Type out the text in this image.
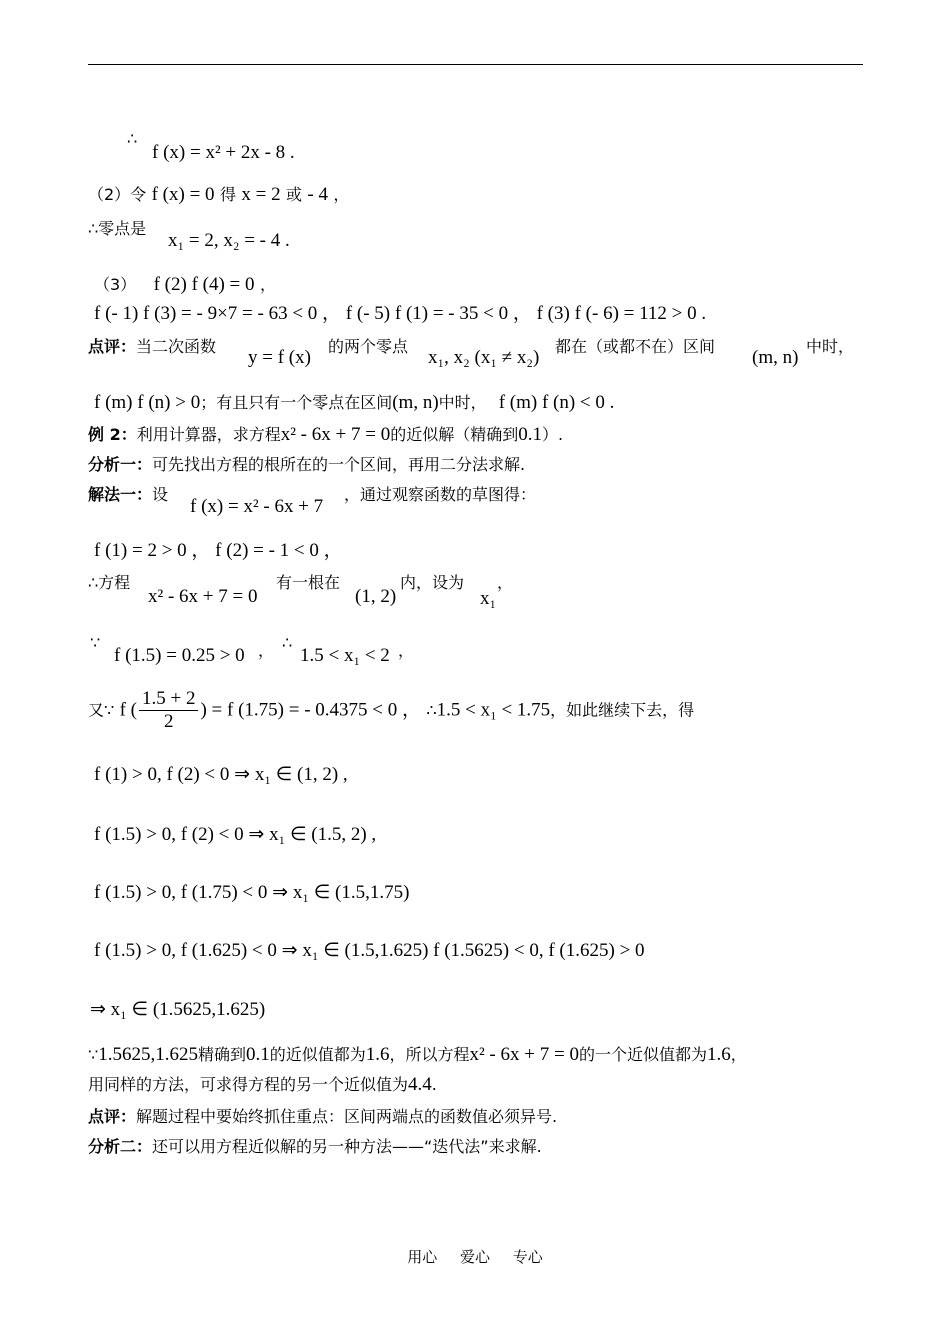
∴
f (x) = x² + 2x - 8 .
（2）令 f (x) = 0 得 x = 2 或 - 4 ，
∴零点是
x₁ = 2, x₂ = - 4 .
（3） f (2) f (4) = 0 ，
f (- 1) f (3) = - 9×7 = - 63 < 0 ， f (- 5) f (1) = - 35 < 0 ， f (3) f (- 6) = 112 > 0 .
点评：当二次函数
y = f (x)
的两个零点
x₁, x₂ (x₁ ≠ x₂)
都在（或都不在）区间
(m, n)
中时，
f (m) f (n) > 0；有且只有一个零点在区间(m, n)中时， f (m) f (n) < 0 .
例 2：利用计算器，求方程x² - 6x + 7 = 0的近似解（精确到0.1）.
分析一：可先找出方程的根所在的一个区间，再用二分法求解.
解法一：设
f (x) = x² - 6x + 7
，通过观察函数的草图得：
f (1) = 2 > 0 ， f (2) = - 1 < 0 ，
∴方程
x² - 6x + 7 = 0
有一根在
(1, 2)
内，设为
x₁
，
∵
f (1.5) = 0.25 > 0 ， ∴
1.5 < x₁ < 2 ，
又∵ f ( $\frac{1.5 + 2}{2}$ ) = f (1.75) = - 0.4375 < 0 ， ∴1.5 < x₁ < 1.75，如此继续下去，得
f (1) > 0, f (2) < 0 ⇒ x₁ ∈ (1, 2) ,
f (1.5) > 0, f (2) < 0 ⇒ x₁ ∈ (1.5, 2) ,
f (1.5) > 0, f (1.75) < 0 ⇒ x₁ ∈ (1.5,1.75)
f (1.5) > 0, f (1.625) < 0 ⇒ x₁ ∈ (1.5,1.625) f (1.5625) < 0, f (1.625) > 0
⇒ x₁ ∈ (1.5625,1.625)
∵1.5625,1.625精确到0.1的近似值都为1.6，所以方程x² - 6x + 7 = 0的一个近似值都为1.6，
用同样的方法，可求得方程的另一个近似值为4.4.
点评：解题过程中要始终抓住重点：区间两端点的函数值必须异号.
分析二：还可以用方程近似解的另一种方法——“迭代法”来求解.
用心 爱心 专心
